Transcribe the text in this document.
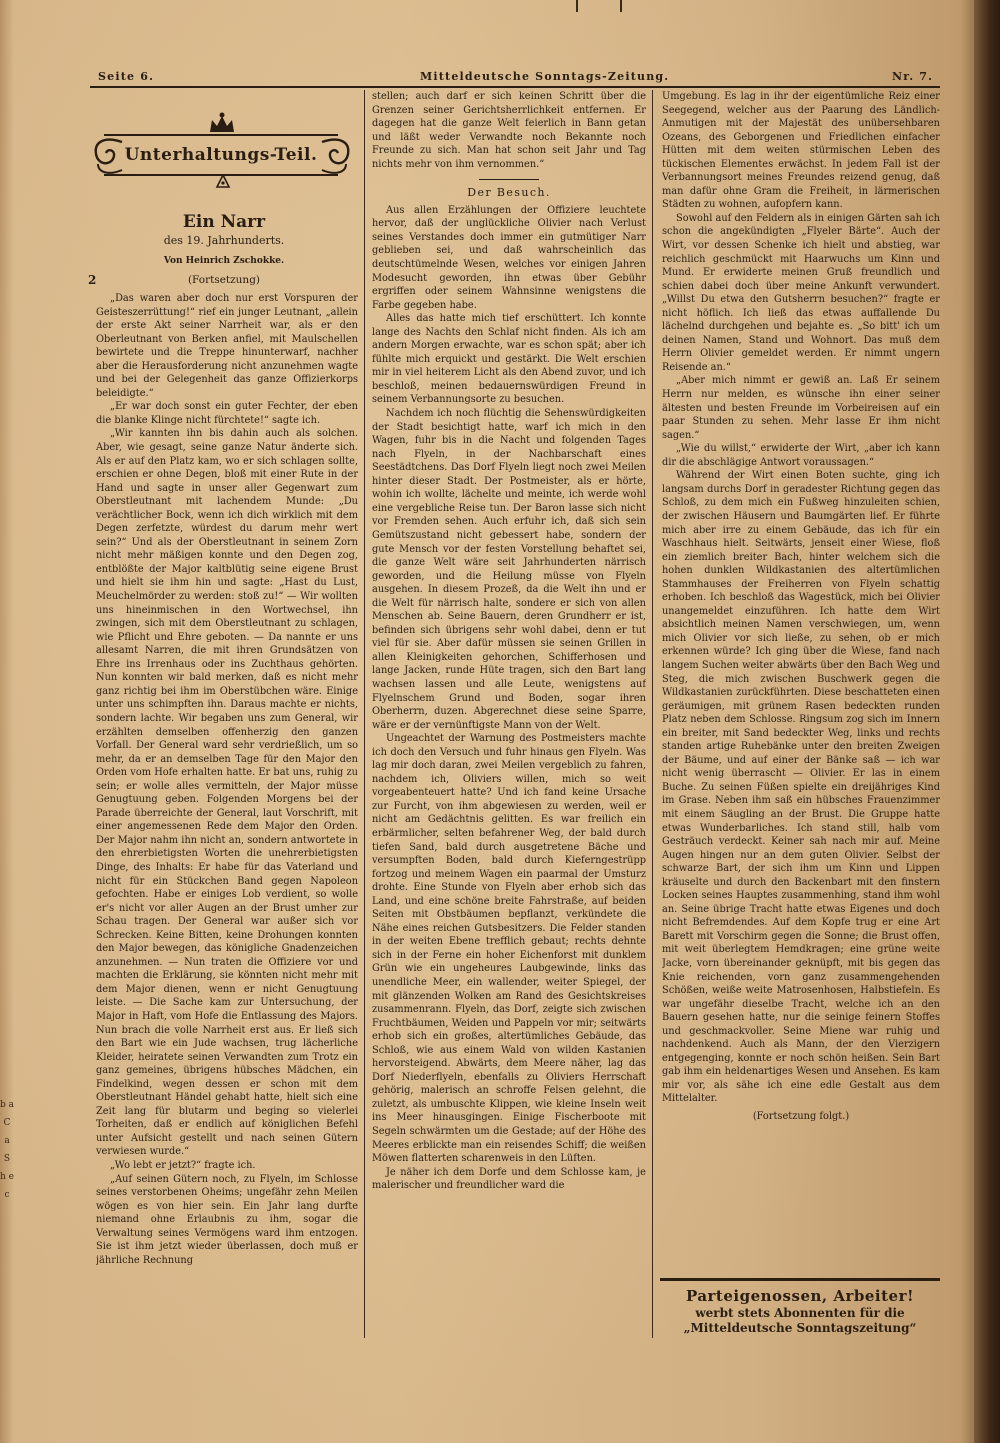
Seite 6.	Mitteldeutsche Sonntags-Zeitung.	Nr. 7.
Unterhaltungs-Teil.
Ein Narr
des 19. Jahrhunderts.
Von Heinrich Zschokke.
2	(Fortsetzung)

„Das waren aber doch nur erst Vorspuren der Geisteszerrüttung!“ rief ein junger Leutnant, „allein der erste Akt seiner Narrheit war, als er den Oberleutnant von Berken anfiel, mit Maulschellen bewirtete und die Treppe hinunterwarf, nachher aber die Herausforderung nicht anzunehmen wagte und bei der Gelegenheit das ganze Offizierkorps beleidigte.“

„Er war doch sonst ein guter Fechter, der eben die blanke Klinge nicht fürchtete!“ sagte ich.

„Wir kannten ihn bis dahin auch als solchen. Aber, wie gesagt, seine ganze Natur änderte sich. Als er auf den Platz kam, wo er sich schlagen sollte, erschien er ohne Degen, bloß mit einer Rute in der Hand und sagte in unser aller Gegenwart zum Oberstleutnant mit lachendem Munde: „Du verächtlicher Bock, wenn ich dich wirklich mit dem Degen zerfetzte, würdest du darum mehr wert sein?“ Und als der Oberstleutnant in seinem Zorn nicht mehr mäßigen konnte und den Degen zog, entblößte der Major kaltblütig seine eigene Brust und hielt sie ihm hin und sagte: „Hast du Lust, Meuchelmörder zu werden: stoß zu!“ — Wir wollten uns hineinmischen in den Wortwechsel, ihn zwingen, sich mit dem Oberstleutnant zu schlagen, wie Pflicht und Ehre geboten. — Da nannte er uns allesamt Narren, die mit ihren Grundsätzen von Ehre ins Irrenhaus oder ins Zuchthaus gehörten. Nun konnten wir bald merken, daß es nicht mehr ganz richtig bei ihm im Oberstübchen wäre. Einige unter uns schimpften ihn. Daraus machte er nichts, sondern lachte. Wir begaben uns zum General, wir erzählten demselben offenherzig den ganzen Vorfall. Der General ward sehr verdrießlich, um so mehr, da er an demselben Tage für den Major den Orden vom Hofe erhalten hatte. Er bat uns, ruhig zu sein; er wolle alles vermitteln, der Major müsse Genugtuung geben. Folgenden Morgens bei der Parade überreichte der General, laut Vorschrift, mit einer angemessenen Rede dem Major den Orden. Der Major nahm ihn nicht an, sondern antwortete in den ehrerbietigsten Worten die unehrerbietigsten Dinge, des Inhalts: Er habe für das Vaterland und nicht für ein Stückchen Band gegen Napoleon gefochten. Habe er einiges Lob verdient, so wolle er's nicht vor aller Augen an der Brust umher zur Schau tragen. Der General war außer sich vor Schrecken. Keine Bitten, keine Drohungen konnten den Major bewegen, das königliche Gnadenzeichen anzunehmen. — Nun traten die Offiziere vor und machten die Erklärung, sie könnten nicht mehr mit dem Major dienen, wenn er nicht Genugtuung leiste. — Die Sache kam zur Untersuchung, der Major in Haft, vom Hofe die Entlassung des Majors. Nun brach die volle Narrheit erst aus. Er ließ sich den Bart wie ein Jude wachsen, trug lächerliche Kleider, heiratete seinen Verwandten zum Trotz ein ganz gemeines, übrigens hübsches Mädchen, ein Findelkind, wegen dessen er schon mit dem Oberstleutnant Händel gehabt hatte, hielt sich eine Zeit lang für blutarm und beging so vielerlei Torheiten, daß er endlich auf königlichen Befehl unter Aufsicht gestellt und nach seinen Gütern verwiesen wurde.“

„Wo lebt er jetzt?“ fragte ich.

„Auf seinen Gütern noch, zu Flyeln, im Schlosse seines verstorbenen Oheims; ungefähr zehn Meilen wögen es von hier sein. Ein Jahr lang durfte niemand ohne Erlaubnis zu ihm, sogar die Verwaltung seines Vermögens ward ihm entzogen. Sie ist ihm jetzt wieder überlassen, doch muß er jährliche Rechnung

stellen; auch darf er sich keinen Schritt über die Grenzen seiner Gerichtsherrlichkeit entfernen. Er dagegen hat die ganze Welt feierlich in Bann getan und läßt weder Verwandte noch Bekannte noch Freunde zu sich. Man hat schon seit Jahr und Tag nichts mehr von ihm vernommen.“

Der Besuch.

Aus allen Erzählungen der Offiziere leuchtete hervor, daß der unglückliche Olivier nach Verlust seines Verstandes doch immer ein gutmütiger Narr geblieben sei, und daß wahrscheinlich das deutschtümelnde Wesen, welches vor einigen Jahren Modesucht geworden, ihn etwas über Gebühr ergriffen oder seinem Wahnsinne wenigstens die Farbe gegeben habe.

Alles das hatte mich tief erschüttert. Ich konnte lange des Nachts den Schlaf nicht finden. Als ich am andern Morgen erwachte, war es schon spät; aber ich fühlte mich erquickt und gestärkt. Die Welt erschien mir in viel heiterem Licht als den Abend zuvor, und ich beschloß, meinen bedauernswürdigen Freund in seinem Verbannungsorte zu besuchen.

Nachdem ich noch flüchtig die Sehenswürdigkeiten der Stadt besichtigt hatte, warf ich mich in den Wagen, fuhr bis in die Nacht und folgenden Tages nach Flyeln, in der Nachbarschaft eines Seestädtchens. Das Dorf Flyeln liegt noch zwei Meilen hinter dieser Stadt. Der Postmeister, als er hörte, wohin ich wollte, lächelte und meinte, ich werde wohl eine vergebliche Reise tun. Der Baron lasse sich nicht vor Fremden sehen. Auch erfuhr ich, daß sich sein Gemütszustand nicht gebessert habe, sondern der gute Mensch vor der festen Vorstellung behaftet sei, die ganze Welt wäre seit Jahrhunderten närrisch geworden, und die Heilung müsse von Flyeln ausgehen. In diesem Prozeß, da die Welt ihn und er die Welt für närrisch halte, sondere er sich von allen Menschen ab. Seine Bauern, deren Grundherr er ist, befinden sich übrigens sehr wohl dabei, denn er tut viel für sie. Aber dafür müssen sie seinen Grillen in allen Kleinigkeiten gehorchen, Schifferhosen und lange Jacken, runde Hüte tragen, sich den Bart lang wachsen lassen und alle Leute, wenigstens auf Flyelnschem Grund und Boden, sogar ihren Oberherrn, duzen. Abgerechnet diese seine Sparre, wäre er der vernünftigste Mann von der Welt.

Ungeachtet der Warnung des Postmeisters machte ich doch den Versuch und fuhr hinaus gen Flyeln. Was lag mir doch daran, zwei Meilen vergeblich zu fahren, nachdem ich, Oliviers willen, mich so weit vorgeabenteuert hatte? Und ich fand keine Ursache zur Furcht, von ihm abgewiesen zu werden, weil er nicht am Gedächtnis gelitten. Es war freilich ein erbärmlicher, selten befahrener Weg, der bald durch tiefen Sand, bald durch ausgetretene Bäche und versumpften Boden, bald durch Kieferngestrüpp fortzog und meinem Wagen ein paarmal der Umsturz drohte. Eine Stunde von Flyeln aber erhob sich das Land, und eine schöne breite Fahrstraße, auf beiden Seiten mit Obstbäumen bepflanzt, verkündete die Nähe eines reichen Gutsbesitzers. Die Felder standen in der weiten Ebene trefflich gebaut; rechts dehnte sich in der Ferne ein hoher Eichenforst mit dunklem Grün wie ein ungeheures Laubgewinde, links das unendliche Meer, ein wallender, weiter Spiegel, der mit glänzenden Wolken am Rand des Gesichtskreises zusammenrann. Flyeln, das Dorf, zeigte sich zwischen Fruchtbäumen, Weiden und Pappeln vor mir; seitwärts erhob sich ein großes, altertümliches Gebäude, das Schloß, wie aus einem Wald von wilden Kastanien hervorsteigend. Abwärts, dem Meere näher, lag das Dorf Niederflyeln, ebenfalls zu Oliviers Herrschaft gehörig, malerisch an schroffe Felsen gelehnt, die zuletzt, als umbuschte Klippen, wie kleine Inseln weit ins Meer hinausgingen. Einige Fischerboote mit Segeln schwärmten um die Gestade; auf der Höhe des Meeres erblickte man ein reisendes Schiff; die weißen Möwen flatterten scharenweis in den Lüften.

Je näher ich dem Dorfe und dem Schlosse kam, je malerischer und freundlicher ward die

Umgebung. Es lag in ihr der eigentümliche Reiz einer Seegegend, welcher aus der Paarung des Ländlich-Anmutigen mit der Majestät des unübersehbaren Ozeans, des Geborgenen und Friedlichen einfacher Hütten mit dem weiten stürmischen Leben des tückischen Elementes erwächst. In jedem Fall ist der Verbannungsort meines Freundes reizend genug, daß man dafür ohne Gram die Freiheit, in lärmerischen Städten zu wohnen, aufopfern kann.

Sowohl auf den Feldern als in einigen Gärten sah ich schon die angekündigten „Flyeler Bärte“. Auch der Wirt, vor dessen Schenke ich hielt und abstieg, war reichlich geschmückt mit Haarwuchs um Kinn und Mund. Er erwiderte meinen Gruß freundlich und schien dabei doch über meine Ankunft verwundert. „Willst Du etwa den Gutsherrn besuchen?“ fragte er nicht höflich. Ich ließ das etwas auffallende Du lächelnd durchgehen und bejahte es. „So bitt' ich um deinen Namen, Stand und Wohnort. Das muß dem Herrn Olivier gemeldet werden. Er nimmt ungern Reisende an.“

„Aber mich nimmt er gewiß an. Laß Er seinem Herrn nur melden, es wünsche ihn einer seiner ältesten und besten Freunde im Vorbeireisen auf ein paar Stunden zu sehen. Mehr lasse Er ihm nicht sagen.“

„Wie du willst,“ erwiderte der Wirt, „aber ich kann dir die abschlägige Antwort voraussagen.“

Während der Wirt einen Boten suchte, ging ich langsam durchs Dorf in geradester Richtung gegen das Schloß, zu dem mich ein Fußweg hinzuleiten schien, der zwischen Häusern und Baumgärten lief. Er führte mich aber irre zu einem Gebäude, das ich für ein Waschhaus hielt. Seitwärts, jenseit einer Wiese, floß ein ziemlich breiter Bach, hinter welchem sich die hohen dunklen Wildkastanien des altertümlichen Stammhauses der Freiherren von Flyeln schattig erhoben. Ich beschloß das Wagestück, mich bei Olivier unangemeldet einzuführen. Ich hatte dem Wirt absichtlich meinen Namen verschwiegen, um, wenn mich Olivier vor sich ließe, zu sehen, ob er mich erkennen würde? Ich ging über die Wiese, fand nach langem Suchen weiter abwärts über den Bach Weg und Steg, die mich zwischen Buschwerk gegen die Wildkastanien zurückführten. Diese beschatteten einen geräumigen, mit grünem Rasen bedeckten runden Platz neben dem Schlosse. Ringsum zog sich im Innern ein breiter, mit Sand bedeckter Weg, links und rechts standen artige Ruhebänke unter den breiten Zweigen der Bäume, und auf einer der Bänke saß — ich war nicht wenig überrascht — Olivier. Er las in einem Buche. Zu seinen Füßen spielte ein dreijähriges Kind im Grase. Neben ihm saß ein hübsches Frauenzimmer mit einem Säugling an der Brust. Die Gruppe hatte etwas Wunderbarliches. Ich stand still, halb vom Gesträuch verdeckt. Keiner sah nach mir auf. Meine Augen hingen nur an dem guten Olivier. Selbst der schwarze Bart, der sich ihm um Kinn und Lippen kräuselte und durch den Backenbart mit den finstern Locken seines Hauptes zusammenhing, stand ihm wohl an. Seine übrige Tracht hatte etwas Eigenes und doch nicht Befremdendes. Auf dem Kopfe trug er eine Art Barett mit Vorschirm gegen die Sonne; die Brust offen, mit weit überlegtem Hemdkragen; eine grüne weite Jacke, vorn übereinander geknüpft, mit bis gegen das Knie reichenden, vorn ganz zusammengehenden Schößen, weiße weite Matrosenhosen, Halbstiefeln. Es war ungefähr dieselbe Tracht, welche ich an den Bauern gesehen hatte, nur die seinige feinern Stoffes und geschmackvoller. Seine Miene war ruhig und nachdenkend. Auch als Mann, der den Vierzigern entgegenging, konnte er noch schön heißen. Sein Bart gab ihm ein heldenartiges Wesen und Ansehen. Es kam mir vor, als sähe ich eine edle Gestalt aus dem Mittelalter.

(Fortsetzung folgt.)
Parteigenossen, Arbeiter!
werbt stets Abonnenten für die
„Mitteldeutsche Sonntagszeitung“
b a C a S h e c
